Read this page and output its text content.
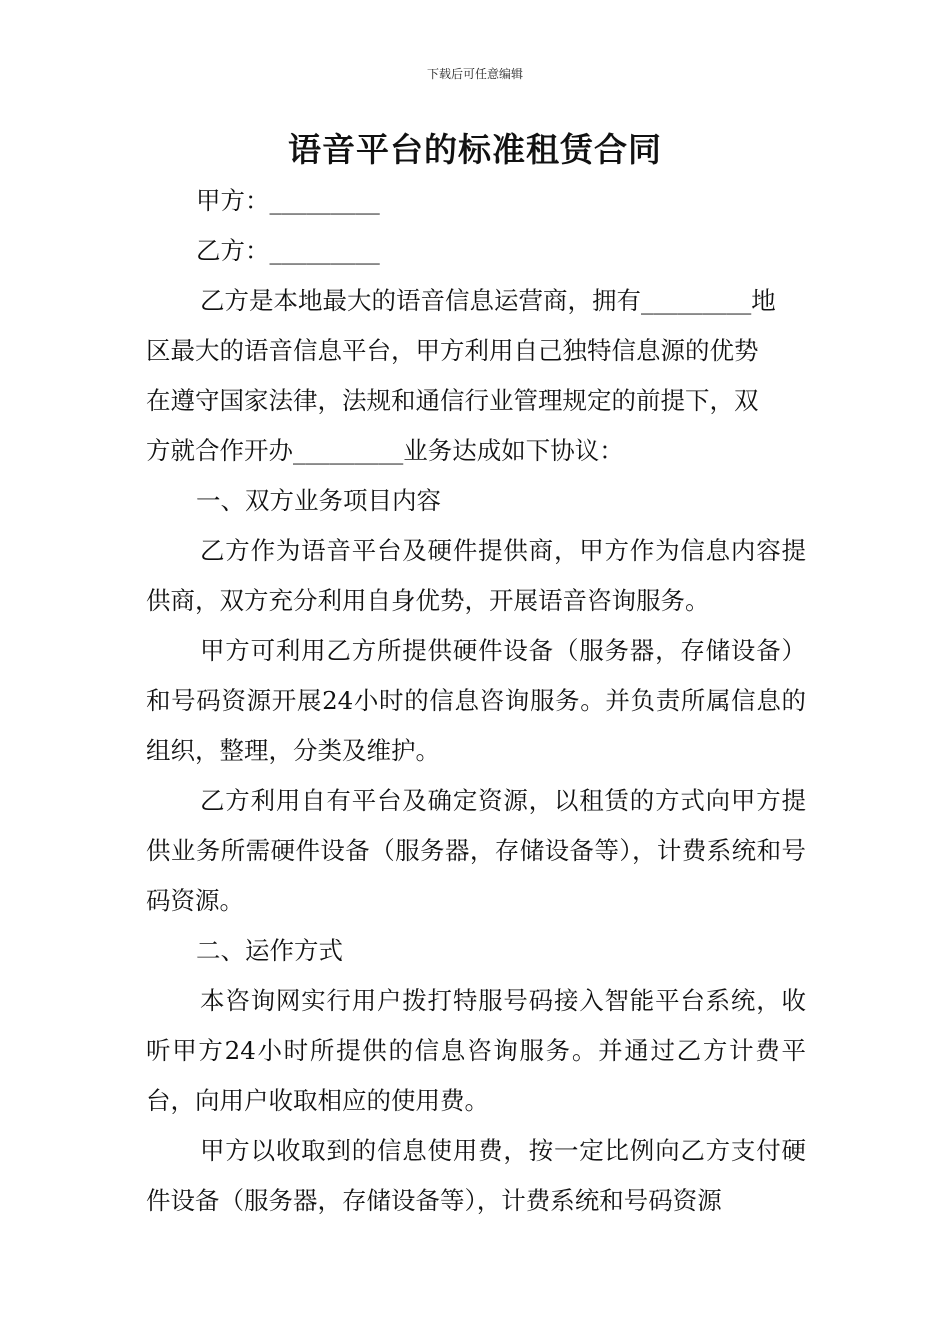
下载后可任意编辑
语音平台的标准租赁合同

甲方：_________

乙方：_________

乙方是本地最大的语音信息运营商，拥有_________地

区最大的语音信息平台，甲方利用自己独特信息源的优势

在遵守国家法律，法规和通信行业管理规定的前提下，双

方就合作开办_________业务达成如下协议：

一、双方业务项目内容

乙方作为语音平台及硬件提供商，甲方作为信息内容提供商，双方充分利用自身优势，开展语音咨询服务。

甲方可利用乙方所提供硬件设备（服务器，存储设备）和号码资源开展24小时的信息咨询服务。并负责所属信息的组织，整理，分类及维护。

乙方利用自有平台及确定资源，以租赁的方式向甲方提供业务所需硬件设备（服务器，存储设备等），计费系统和号码资源。

二、运作方式

本咨询网实行用户拨打特服号码接入智能平台系统，收听甲方24小时所提供的信息咨询服务。并通过乙方计费平台，向用户收取相应的使用费。

甲方以收取到的信息使用费，按一定比例向乙方支付硬件设备（服务器，存储设备等），计费系统和号码资源
